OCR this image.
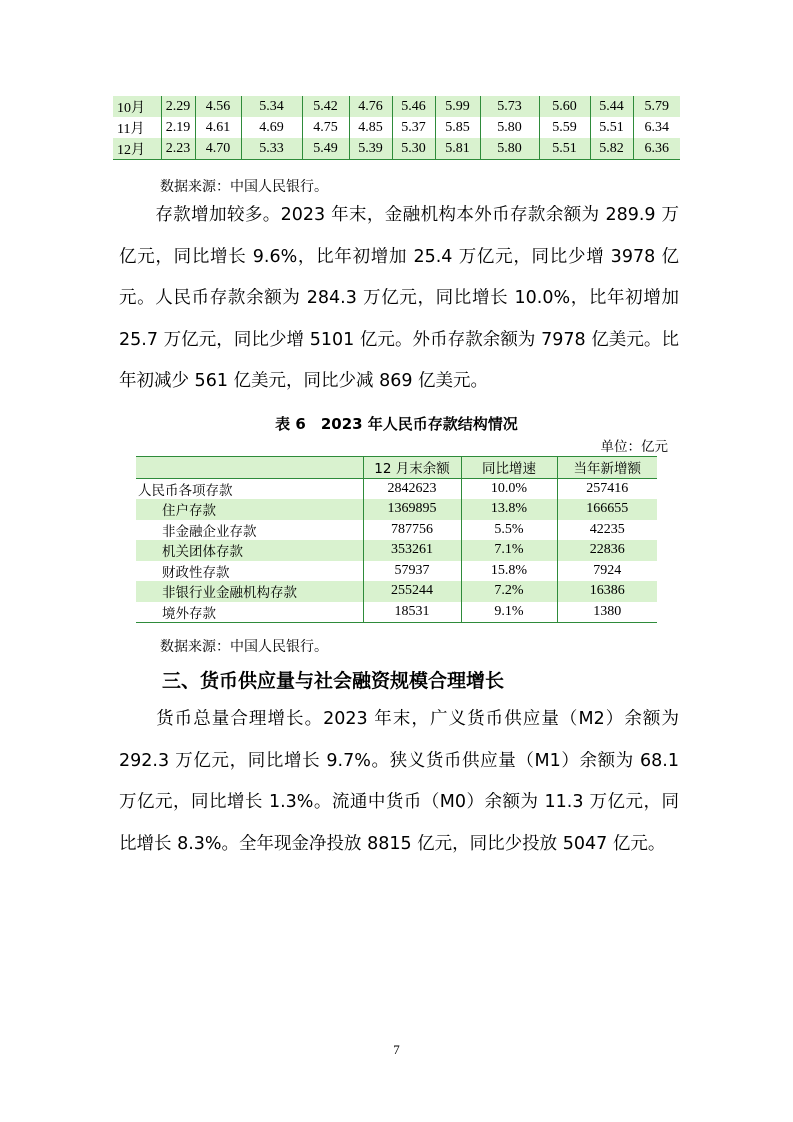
10月	2.29	4.56	5.34	5.42	4.76	5.46	5.99	5.73	5.60	5.44	5.79
11月	2.19	4.61	4.69	4.75	4.85	5.37	5.85	5.80	5.59	5.51	6.34
12月	2.23	4.70	5.33	5.49	5.39	5.30	5.81	5.80	5.51	5.82	6.36
数据来源：中国人民银行。

存款增加较多。2023 年末，金融机构本外币存款余额为 289.9 万亿元，同比增长 9.6%，比年初增加 25.4 万亿元，同比少增 3978 亿元。人民币存款余额为 284.3 万亿元，同比增长 10.0%，比年初增加 25.7 万亿元，同比少增 5101 亿元。外币存款余额为 7978 亿美元。比年初减少 561 亿美元，同比少减 869 亿美元。

表 6　2023 年人民币存款结构情况
单位：亿元
	12 月末余额	同比增速	当年新增额
人民币各项存款	2842623	10.0%	257416
住户存款	1369895	13.8%	166655
非金融企业存款	787756	5.5%	42235
机关团体存款	353261	7.1%	22836
财政性存款	57937	15.8%	7924
非银行业金融机构存款	255244	7.2%	16386
境外存款	18531	9.1%	1380
数据来源：中国人民银行。
三、货币供应量与社会融资规模合理增长

货币总量合理增长。2023 年末，广义货币供应量（M2）余额为 292.3 万亿元，同比增长 9.7%。狭义货币供应量（M1）余额为 68.1 万亿元，同比增长 1.3%。流通中货币（M0）余额为 11.3 万亿元，同比增长 8.3%。全年现金净投放 8815 亿元，同比少投放 5047 亿元。

7
